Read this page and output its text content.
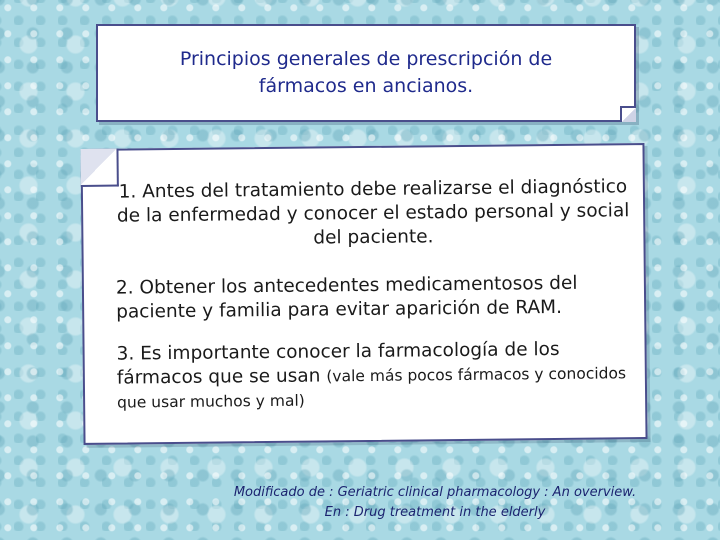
Principios generales de prescripción de
fármacos en ancianos.
1. Antes del tratamiento debe realizarse el diagnóstico de la enfermedad y conocer el estado personal y social del paciente.
2. Obtener los antecedentes medicamentosos del paciente y familia para evitar aparición de RAM.
3. Es importante conocer la farmacología de los fármacos que se usan (vale más pocos fármacos y conocidos que usar muchos y mal)
Modificado de : Geriatric clinical pharmacology : An overview.
En : Drug treatment in the elderly
